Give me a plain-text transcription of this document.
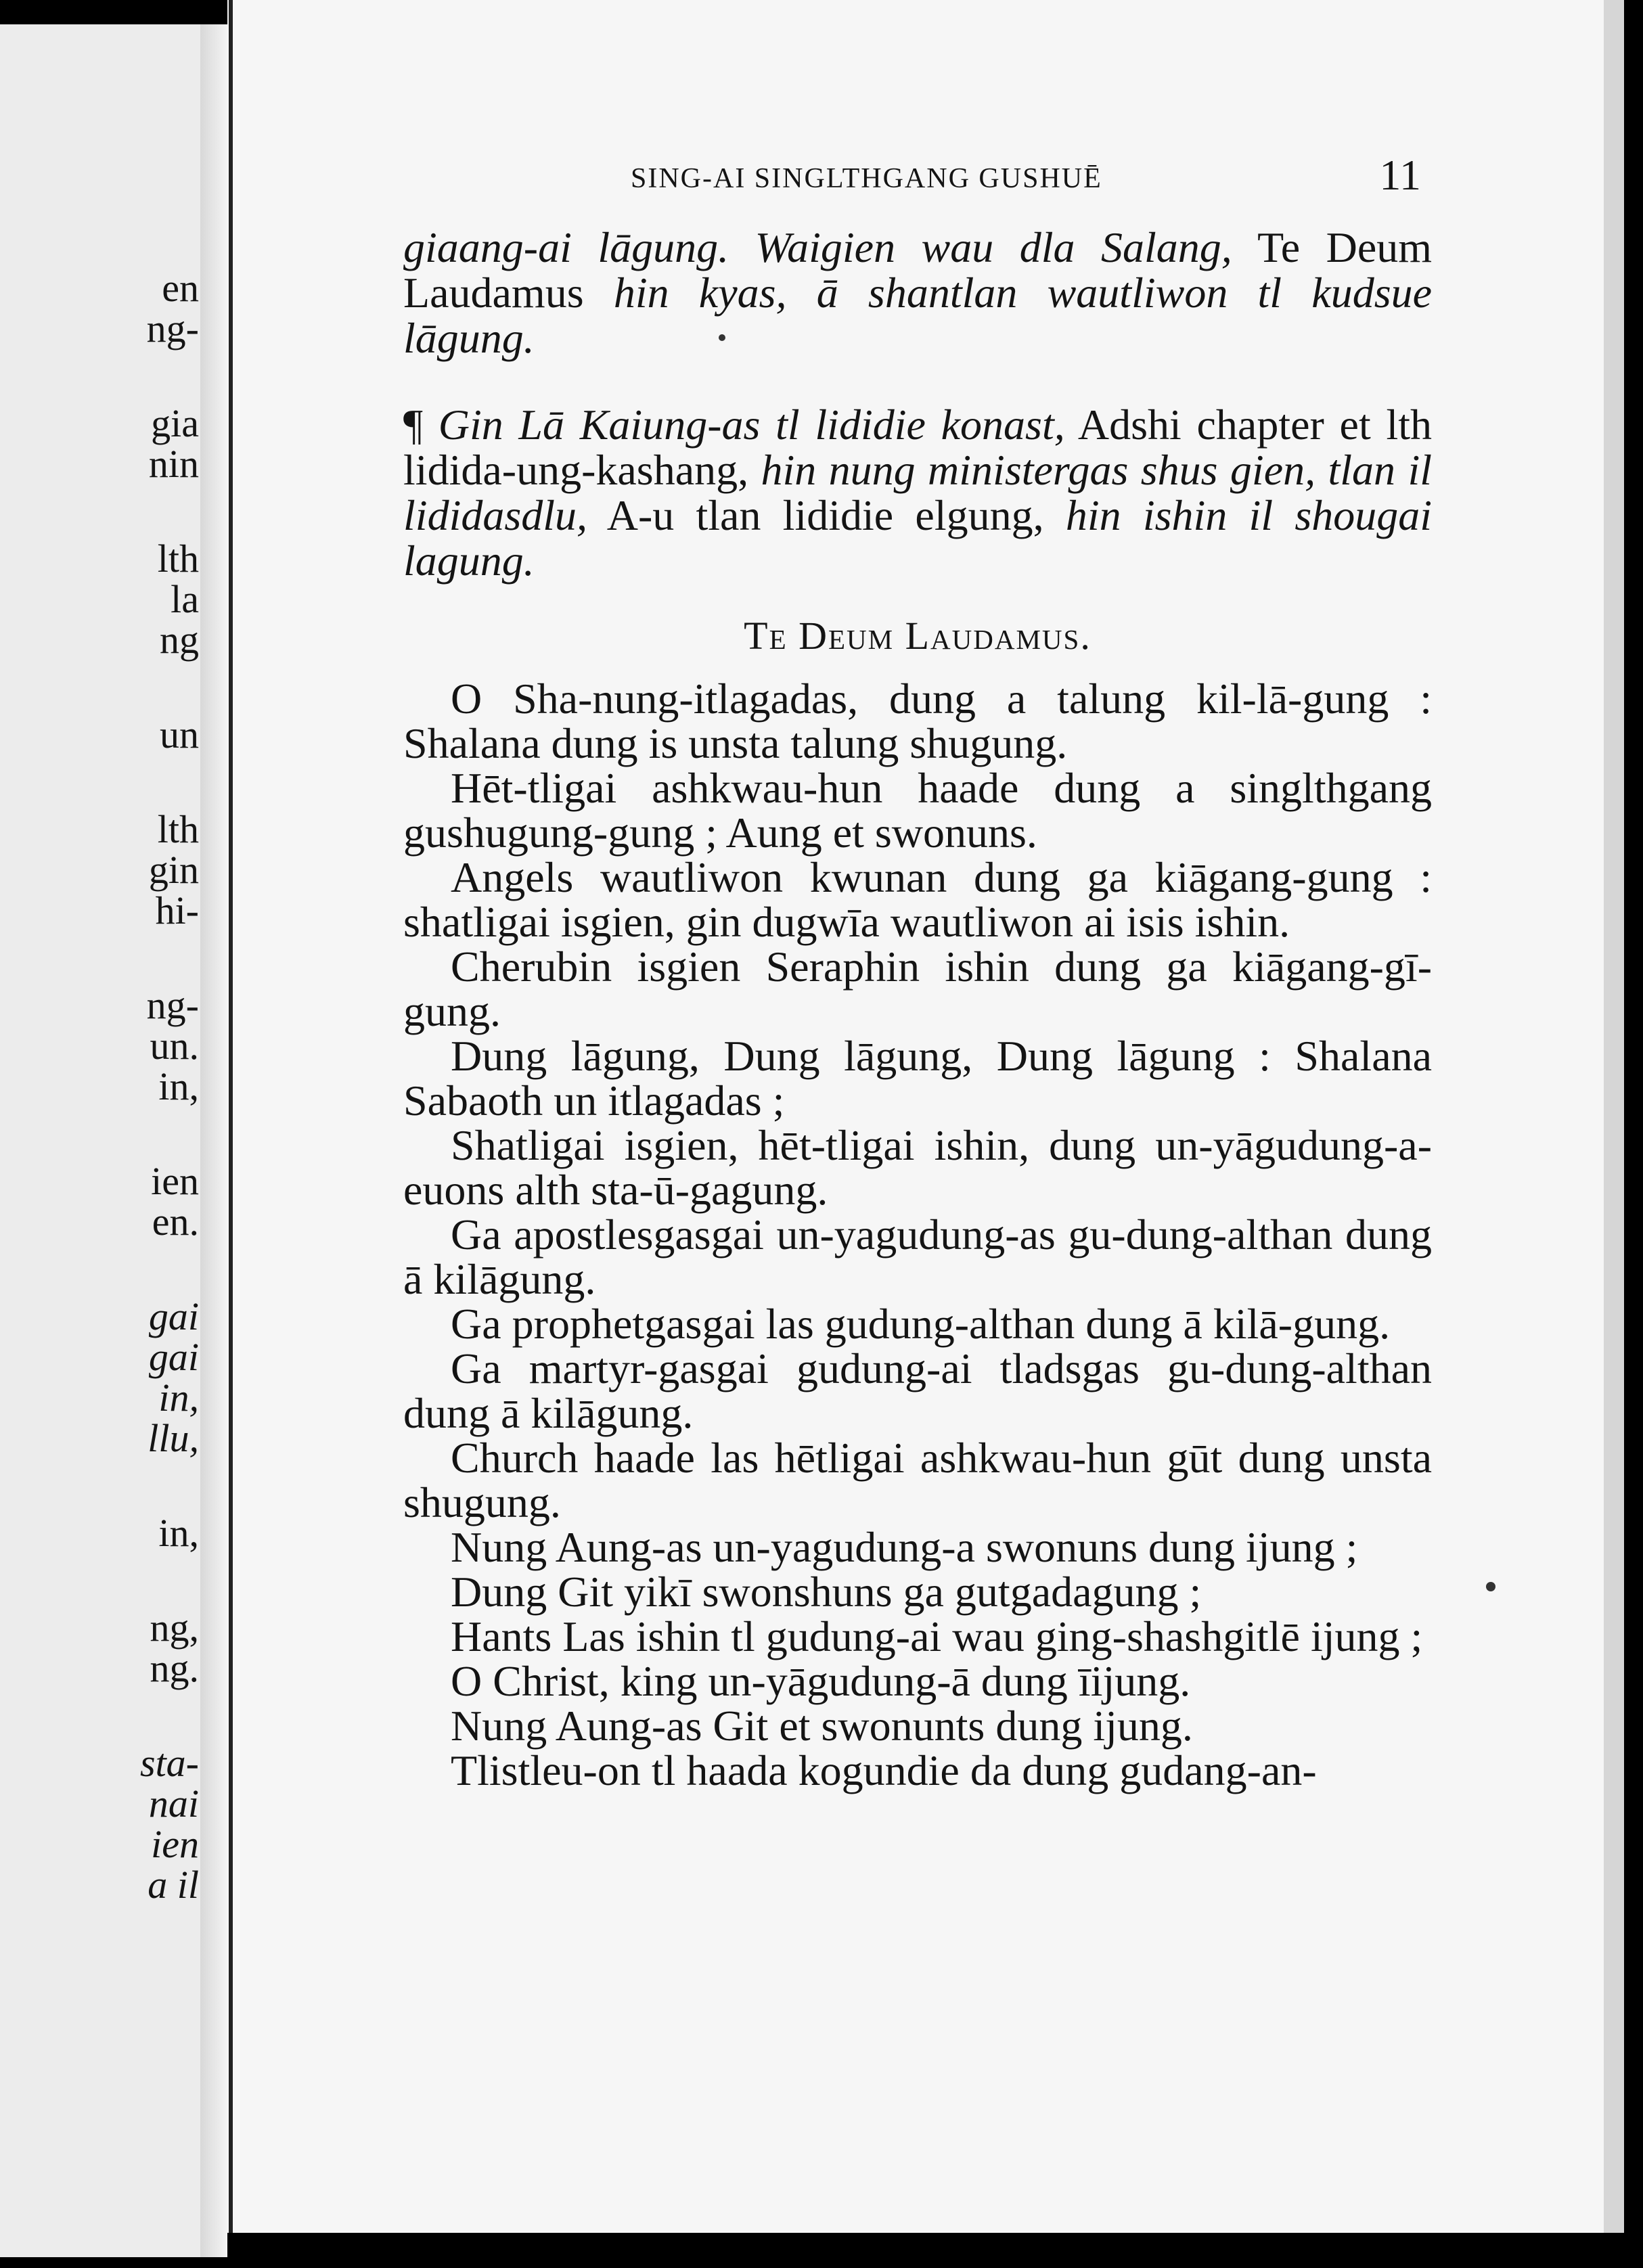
en
ng-
gia
nin
lth
la
ng
un
lth
gin
hi-
ng-
un.
in,
ien
en.
gai
gai
in,
llu,
in,
ng,
ng.
sta-
nai
ien
a il
SING-AI SINGLTHGANG GUSHUĒ	11

giaang-ai lāgung. Waigien wau dla Salang, Te Deum Laudamus hin kyas, ā shantlan wautliwon tl kudsue lāgung.

¶ Gin Lā Kaiung-as tl lididie konast, Adshi chapter et lth lidida-ung-kashang, hin nung ministergas shus gien, tlan il lididasdlu, A-u tlan lididie elgung, hin ishin il shougai lagung.

Te Deum Laudamus.
O Sha-nung-itlagadas, dung a talung kil-lā-gung : Shalana dung is unsta talung shugung.
Hēt-tligai ashkwau-hun haade dung a singlthgang gushugung-gung ; Aung et swonuns.
Angels wautliwon kwunan dung ga kiāgang-gung : shatligai isgien, gin dugwīa wautliwon ai isis ishin.
Cherubin isgien Seraphin ishin dung ga kiāgang-gī-gung.
Dung lāgung, Dung lāgung, Dung lāgung : Shalana Sabaoth un itlagadas ;
Shatligai isgien, hēt-tligai ishin, dung un-yāgudung-a-euons alth sta-ū-gagung.
Ga apostlesgasgai un-yagudung-as gu-dung-althan dung ā kilāgung.
Ga prophetgasgai las gudung-althan dung ā kilā-gung.
Ga martyr-gasgai gudung-ai tladsgas gu-dung-althan dung ā kilāgung.
Church haade las hētligai ashkwau-hun gūt dung unsta shugung.
Nung Aung-as un-yagudung-a swonuns dung ijung ;
Dung Git yikī swonshuns ga gutgadagung ;
Hants Las ishin tl gudung-ai wau ging-shashgitlē ijung ;
O Christ, king un-yāgudung-ā dung īijung.
Nung Aung-as Git et swonunts dung ijung.
Tlistleu-on tl haada kogundie da dung gudang-an-
